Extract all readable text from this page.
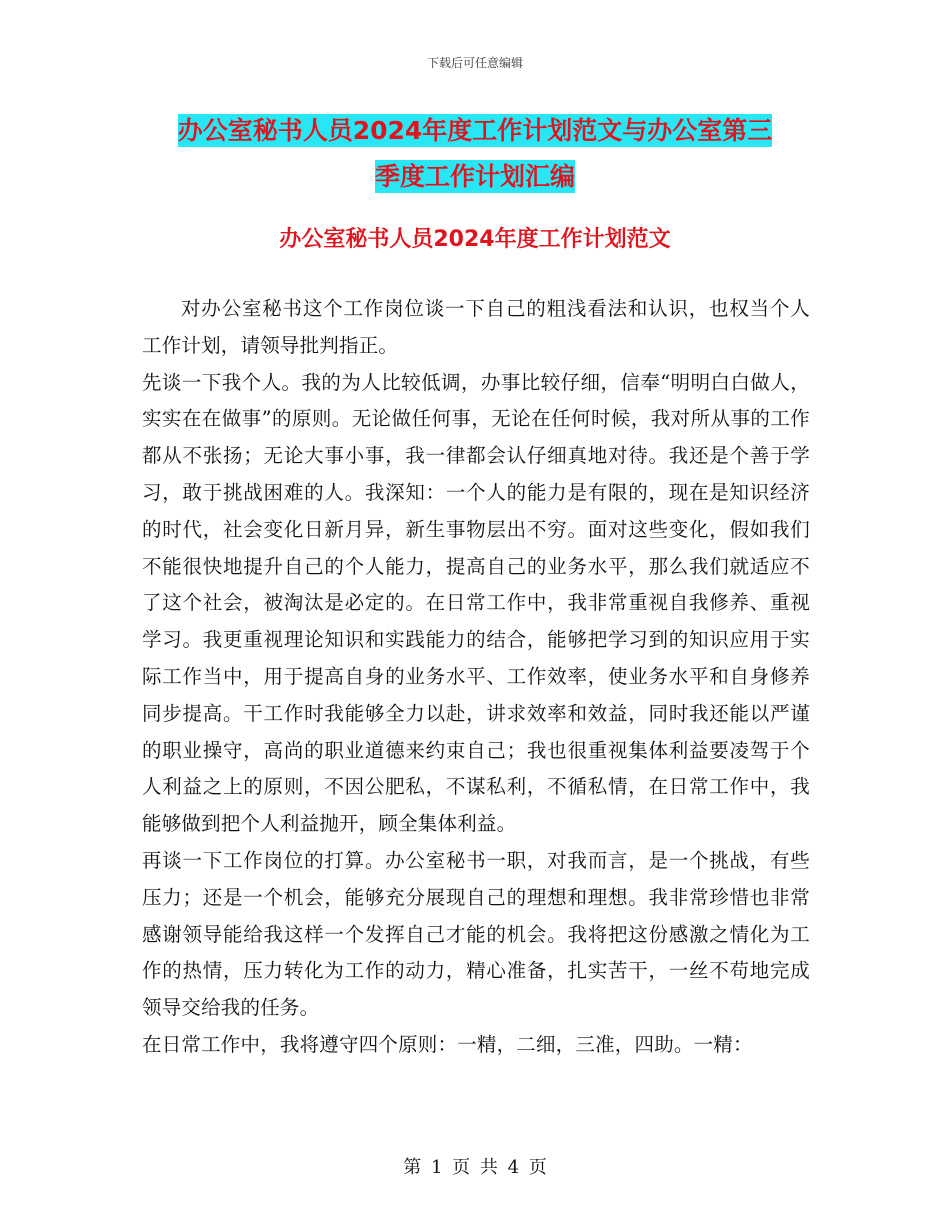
下载后可任意编辑
办公室秘书人员2024年度工作计划范文与办公室第三
季度工作计划汇编
办公室秘书人员2024年度工作计划范文

对办公室秘书这个工作岗位谈一下自己的粗浅看法和认识，也权当个人工作计划，请领导批判指正。

先谈一下我个人。我的为人比较低调，办事比较仔细，信奉“明明白白做人，实实在在做事”的原则。无论做任何事，无论在任何时候，我对所从事的工作都从不张扬；无论大事小事，我一律都会认仔细真地对待。我还是个善于学习，敢于挑战困难的人。我深知：一个人的能力是有限的，现在是知识经济的时代，社会变化日新月异，新生事物层出不穷。面对这些变化，假如我们不能很快地提升自己的个人能力，提高自己的业务水平，那么我们就适应不了这个社会，被淘汰是必定的。在日常工作中，我非常重视自我修养、重视学习。我更重视理论知识和实践能力的结合，能够把学习到的知识应用于实际工作当中，用于提高自身的业务水平、工作效率，使业务水平和自身修养同步提高。干工作时我能够全力以赴，讲求效率和效益，同时我还能以严谨的职业操守，高尚的职业道德来约束自己；我也很重视集体利益要凌驾于个人利益之上的原则，不因公肥私，不谋私利，不循私情，在日常工作中，我能够做到把个人利益抛开，顾全集体利益。

再谈一下工作岗位的打算。办公室秘书一职，对我而言，是一个挑战，有些压力；还是一个机会，能够充分展现自己的理想和理想。我非常珍惜也非常感谢领导能给我这样一个发挥自己才能的机会。我将把这份感激之情化为工作的热情，压力转化为工作的动力，精心准备，扎实苦干，一丝不苟地完成领导交给我的任务。

在日常工作中，我将遵守四个原则：一精，二细，三准，四助。一精：

第 1 页 共 4 页
